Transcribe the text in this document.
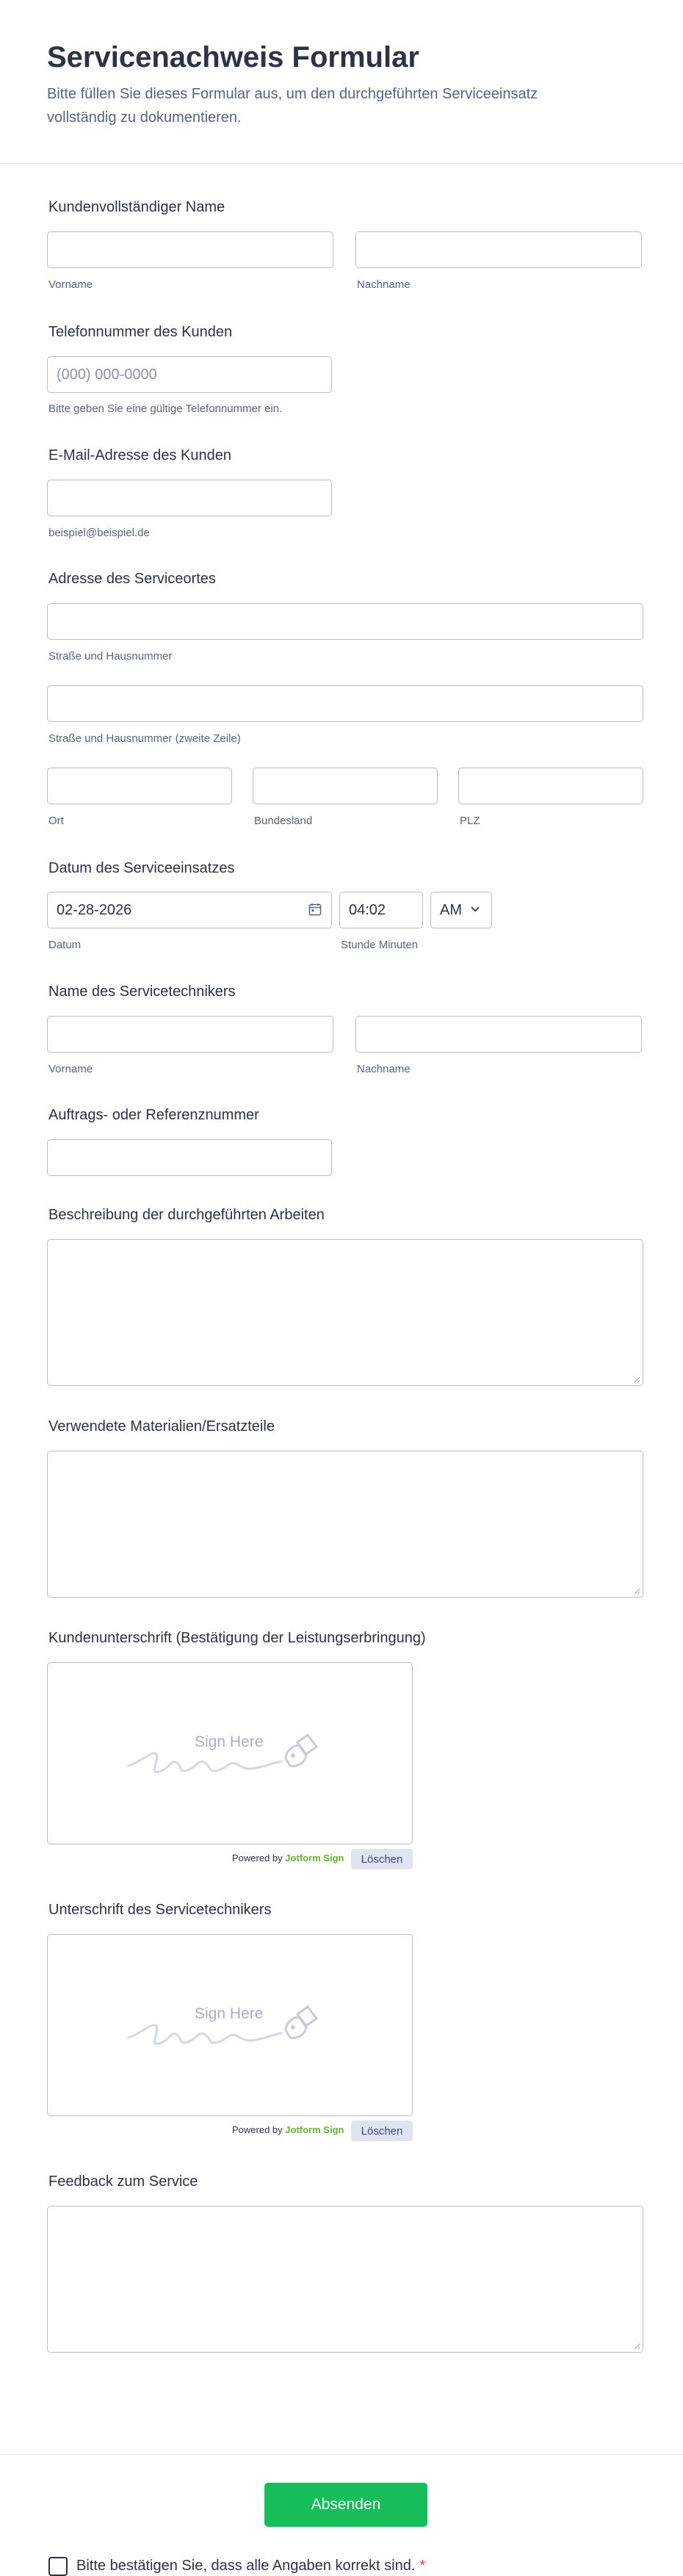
Servicenachweis Formular
Bitte füllen Sie dieses Formular aus, um den durchgeführten Serviceeinsatz vollständig zu dokumentieren.
Kundenvollständiger Name
Vorname	Nachname
Telefonnummer des Kunden
(000) 000-0000
Bitte geben Sie eine gültige Telefonnummer ein.
E-Mail-Adresse des Kunden
beispiel@beispiel.de
Adresse des Serviceortes
Straße und Hausnummer
Straße und Hausnummer (zweite Zeile)
Ort	Bundesland	PLZ
Datum des Serviceeinsatzes
02-28-2026	04:02	AM
Datum	Stunde Minuten
Name des Servicetechnikers
Vorname	Nachname
Auftrags- oder Referenznummer
Beschreibung der durchgeführten Arbeiten
Verwendete Materialien/Ersatzteile
Kundenunterschrift (Bestätigung der Leistungserbringung)
Sign Here
Powered by Jotform Sign	Löschen
Unterschrift des Servicetechnikers
Sign Here
Powered by Jotform Sign	Löschen
Feedback zum Service
Bitte bestätigen Sie, dass alle Angaben korrekt sind. *
Absenden
